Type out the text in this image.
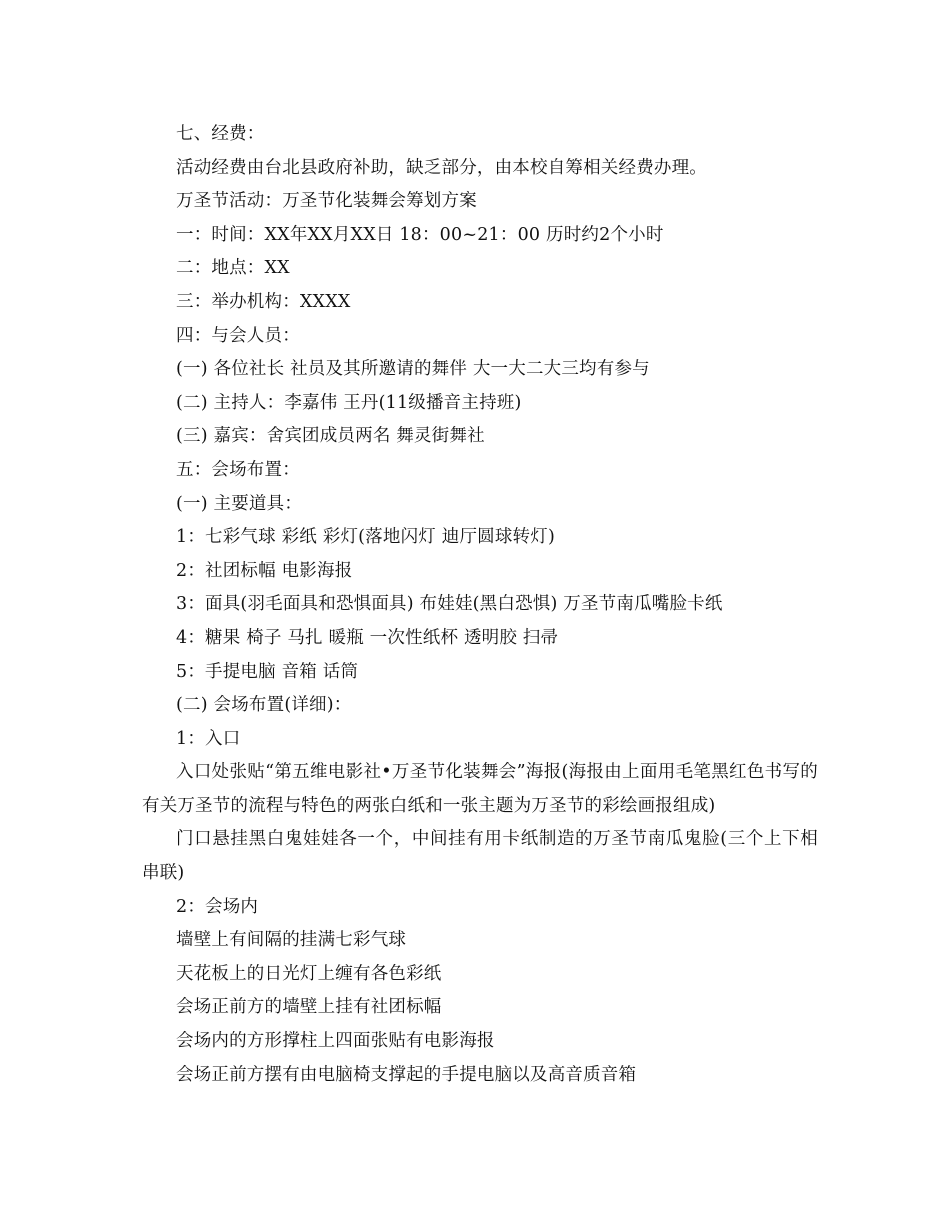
七、经费：

活动经费由台北县政府补助，缺乏部分，由本校自筹相关经费办理。

万圣节活动：万圣节化装舞会筹划方案

一：时间：XX年XX月XX日 18：00~21：00 历时约2个小时

二：地点：XX

三：举办机构：XXXX

四：与会人员：

(一) 各位社长 社员及其所邀请的舞伴 大一大二大三均有参与

(二) 主持人：李嘉伟 王丹(11级播音主持班)

(三) 嘉宾：舍宾团成员两名 舞灵街舞社

五：会场布置：

(一) 主要道具：

1：七彩气球 彩纸 彩灯(落地闪灯 迪厅圆球转灯)

2：社团标幅 电影海报

3：面具(羽毛面具和恐惧面具) 布娃娃(黑白恐惧) 万圣节南瓜嘴脸卡纸

4：糖果 椅子 马扎 暖瓶 一次性纸杯 透明胶 扫帚

5：手提电脑 音箱 话筒

(二) 会场布置(详细)：

1：入口

入口处张贴“第五维电影社•万圣节化装舞会”海报(海报由上面用毛笔黑红色书写的有关万圣节的流程与特色的两张白纸和一张主题为万圣节的彩绘画报组成)

门口悬挂黑白鬼娃娃各一个，中间挂有用卡纸制造的万圣节南瓜鬼脸(三个上下相串联)

2：会场内

墙壁上有间隔的挂满七彩气球

天花板上的日光灯上缠有各色彩纸

会场正前方的墙壁上挂有社团标幅

会场内的方形撑柱上四面张贴有电影海报

会场正前方摆有由电脑椅支撑起的手提电脑以及高音质音箱
